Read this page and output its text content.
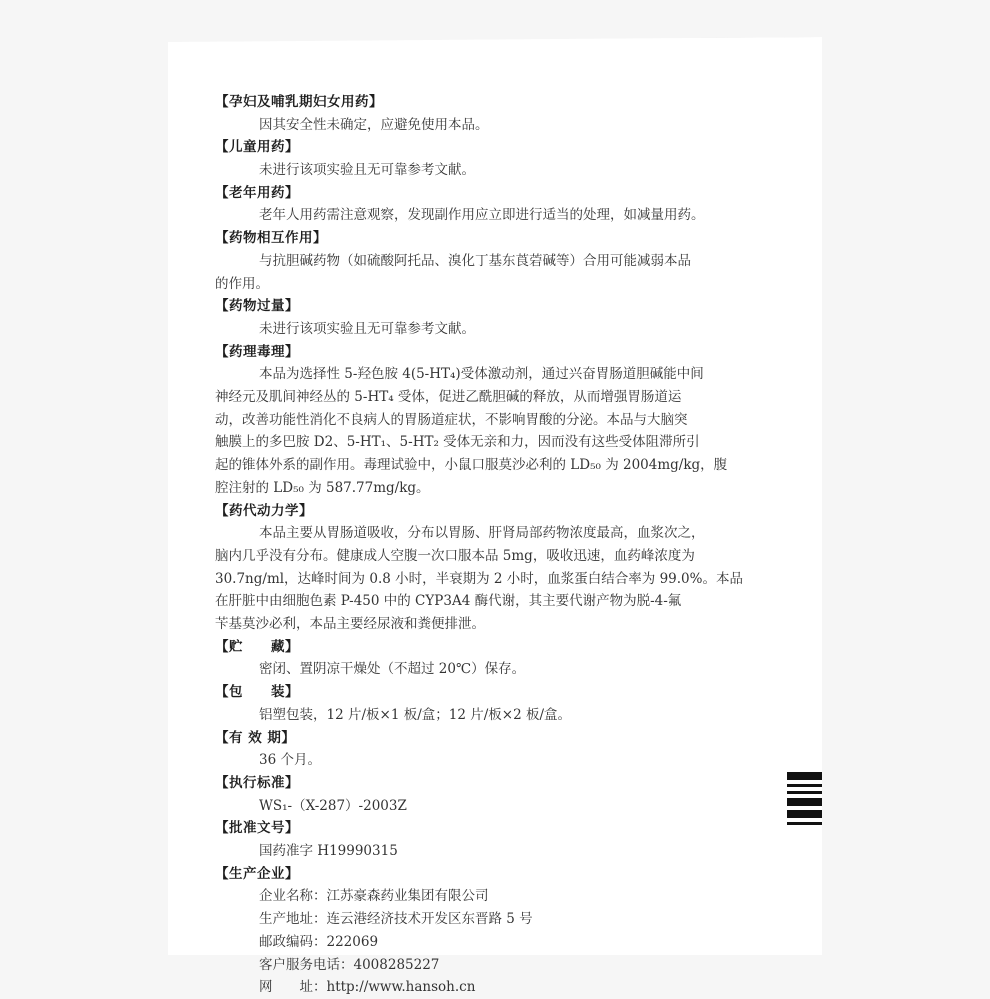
【孕妇及哺乳期妇女用药】
因其安全性未确定，应避免使用本品。
【儿童用药】
未进行该项实验且无可靠参考文献。
【老年用药】
老年人用药需注意观察，发现副作用应立即进行适当的处理，如减量用药。
【药物相互作用】
与抗胆碱药物（如硫酸阿托品、溴化丁基东莨菪碱等）合用可能减弱本品
的作用。
【药物过量】
未进行该项实验且无可靠参考文献。
【药理毒理】
本品为选择性 5-羟色胺 4(5-HT₄)受体激动剂，通过兴奋胃肠道胆碱能中间
神经元及肌间神经丛的 5-HT₄ 受体，促进乙酰胆碱的释放，从而增强胃肠道运
动，改善功能性消化不良病人的胃肠道症状，不影响胃酸的分泌。本品与大脑突
触膜上的多巴胺 D2、5-HT₁、5-HT₂ 受体无亲和力，因而没有这些受体阻滞所引
起的锥体外系的副作用。毒理试验中，小鼠口服莫沙必利的 LD₅₀ 为 2004mg/kg，腹
腔注射的 LD₅₀ 为 587.77mg/kg。
【药代动力学】
本品主要从胃肠道吸收，分布以胃肠、肝肾局部药物浓度最高，血浆次之，
脑内几乎没有分布。健康成人空腹一次口服本品 5mg，吸收迅速，血药峰浓度为
30.7ng/ml，达峰时间为 0.8 小时，半衰期为 2 小时，血浆蛋白结合率为 99.0%。本品
在肝脏中由细胞色素 P-450 中的 CYP3A4 酶代谢，其主要代谢产物为脱-4-氟
苄基莫沙必利，本品主要经尿液和粪便排泄。
【贮　　藏】
密闭、置阴凉干燥处（不超过 20℃）保存。
【包　　装】
铝塑包装，12 片/板×1 板/盒；12 片/板×2 板/盒。
【有 效 期】
36 个月。
【执行标准】
WS₁-（X-287）-2003Z
【批准文号】
国药准字 H19990315
【生产企业】
企业名称：江苏豪森药业集团有限公司
生产地址：连云港经济技术开发区东晋路 5 号
邮政编码：222069
客户服务电话：4008285227
网　　址：http://www.hansoh.cn
